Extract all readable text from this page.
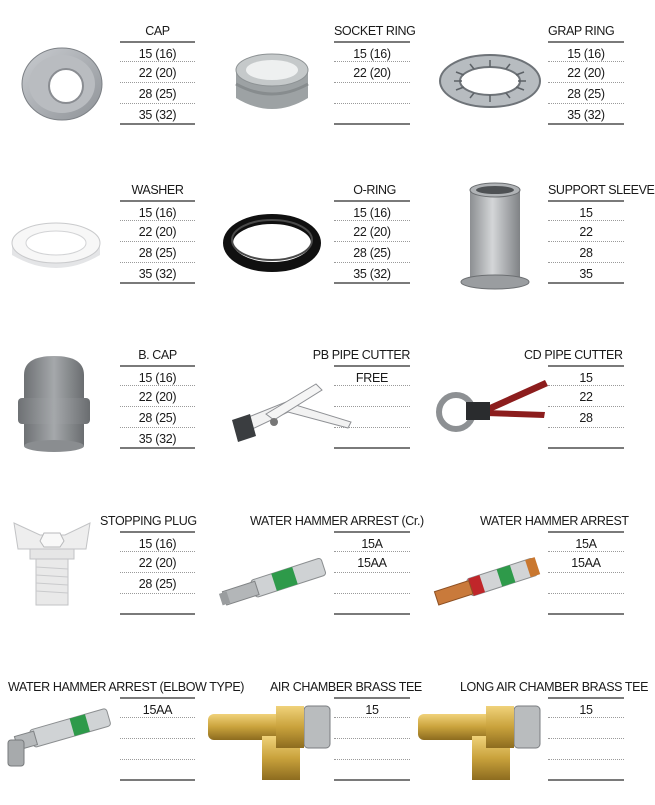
CAP
15 (16)
22 (20)
28 (25)
35 (32)
SOCKET RING
15 (16)
22 (20)
GRAP RING
15 (16)
22 (20)
28 (25)
35 (32)
WASHER
15 (16)
22 (20)
28 (25)
35 (32)
O-RING
15 (16)
22 (20)
28 (25)
35 (32)
SUPPORT SLEEVE
15
22
28
35
B. CAP
15 (16)
22 (20)
28 (25)
35 (32)
PB PIPE CUTTER
FREE
CD PIPE CUTTER
15
22
28
STOPPING PLUG
15 (16)
22 (20)
28 (25)
WATER HAMMER ARREST (Cr.)
15A
15AA
WATER HAMMER ARREST
15A
15AA
WATER HAMMER ARREST (ELBOW TYPE)
15AA
AIR CHAMBER BRASS TEE
15
LONG AIR CHAMBER BRASS TEE
15
